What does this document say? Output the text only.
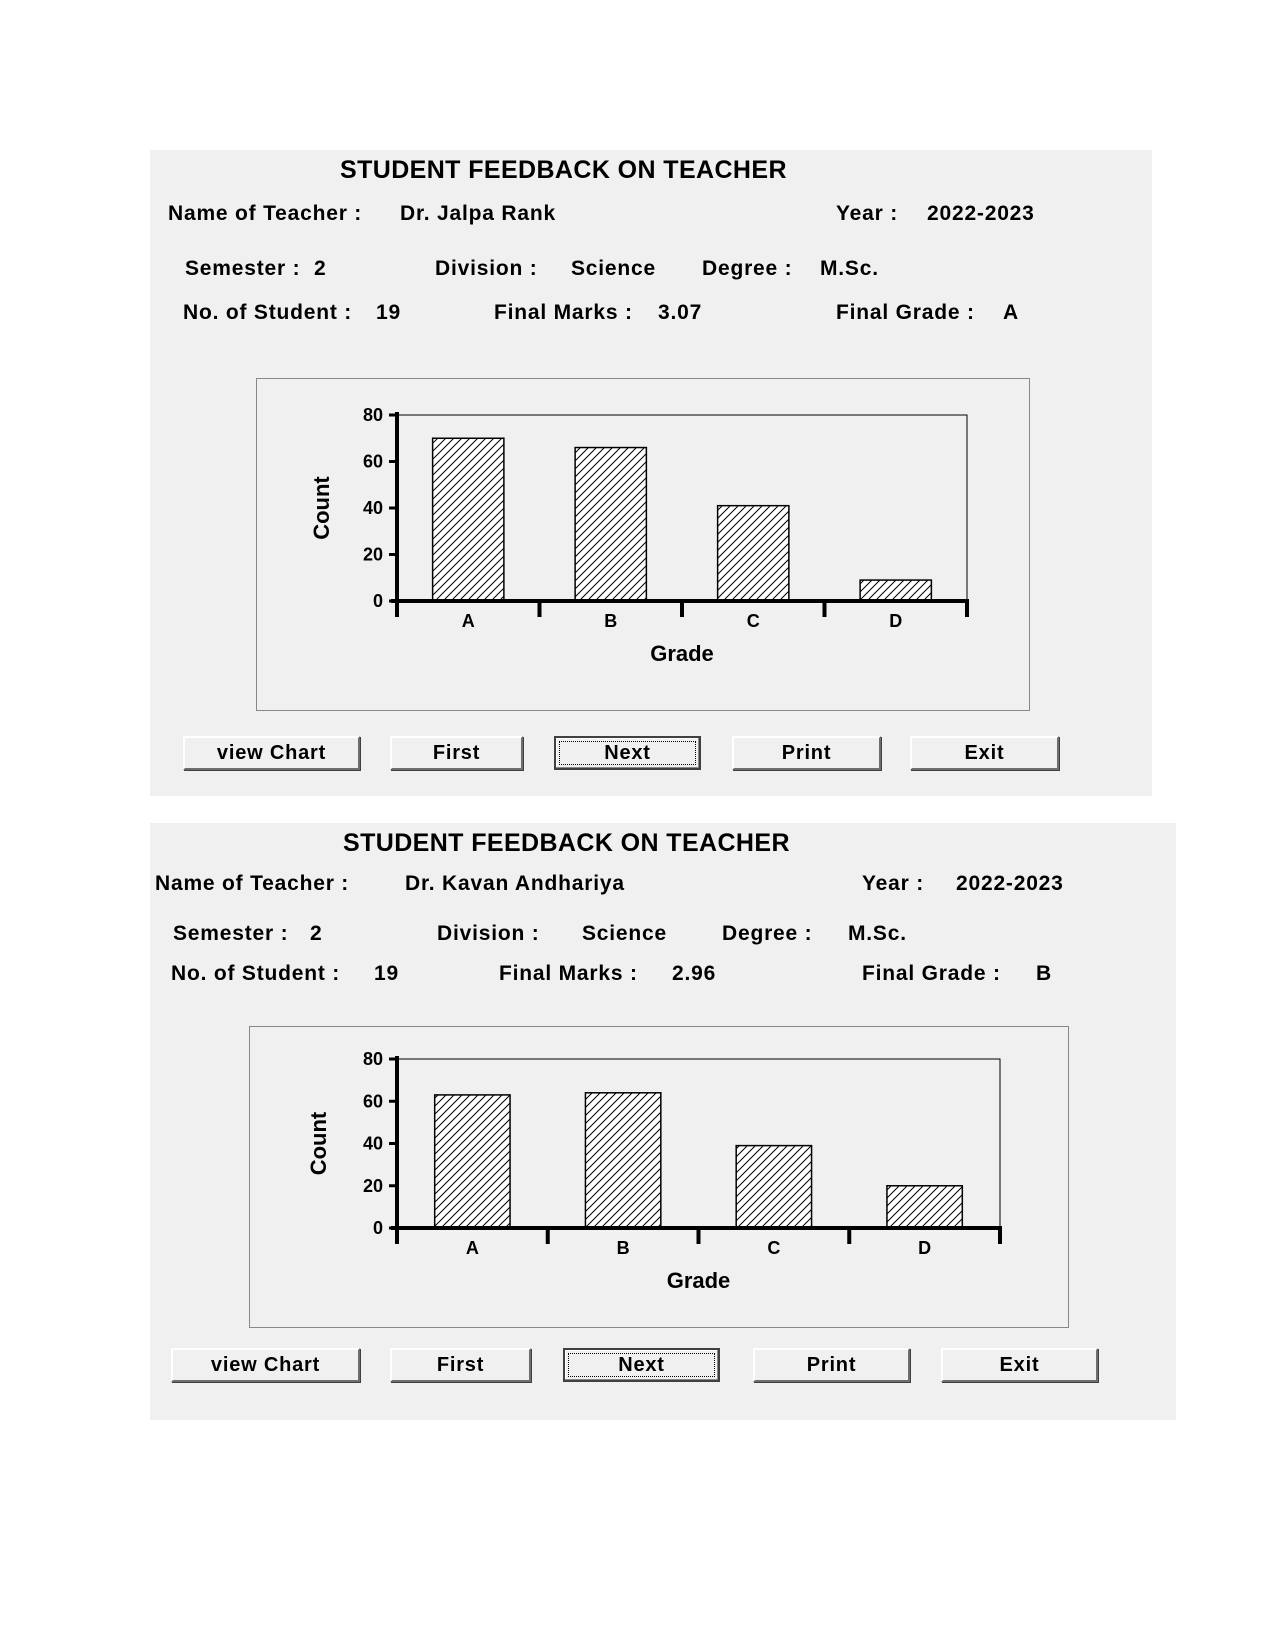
STUDENT FEEDBACK ON TEACHER
Name of Teacher : Dr. Jalpa Rank	Year : 2022-2023
Semester : 2	Division : Science Degree : M.Sc.
No. of Student : 19	Final Marks : 3.07	Final Grade : A
0
20
40
60
80
A	B	C	D
Grade
Count
view Chart	First	Next	Print	Exit
STUDENT FEEDBACK ON TEACHER
Name of Teacher :	Dr. Kavan Andhariya	Year : 2022-2023
Semester : 2	Division : Science	Degree : M.Sc.
No. of Student : 19	Final Marks : 2.96	Final Grade : B
0
20
40
60
80
A	B	C	D
Grade
Count
view Chart	First	Next	Print	Exit
